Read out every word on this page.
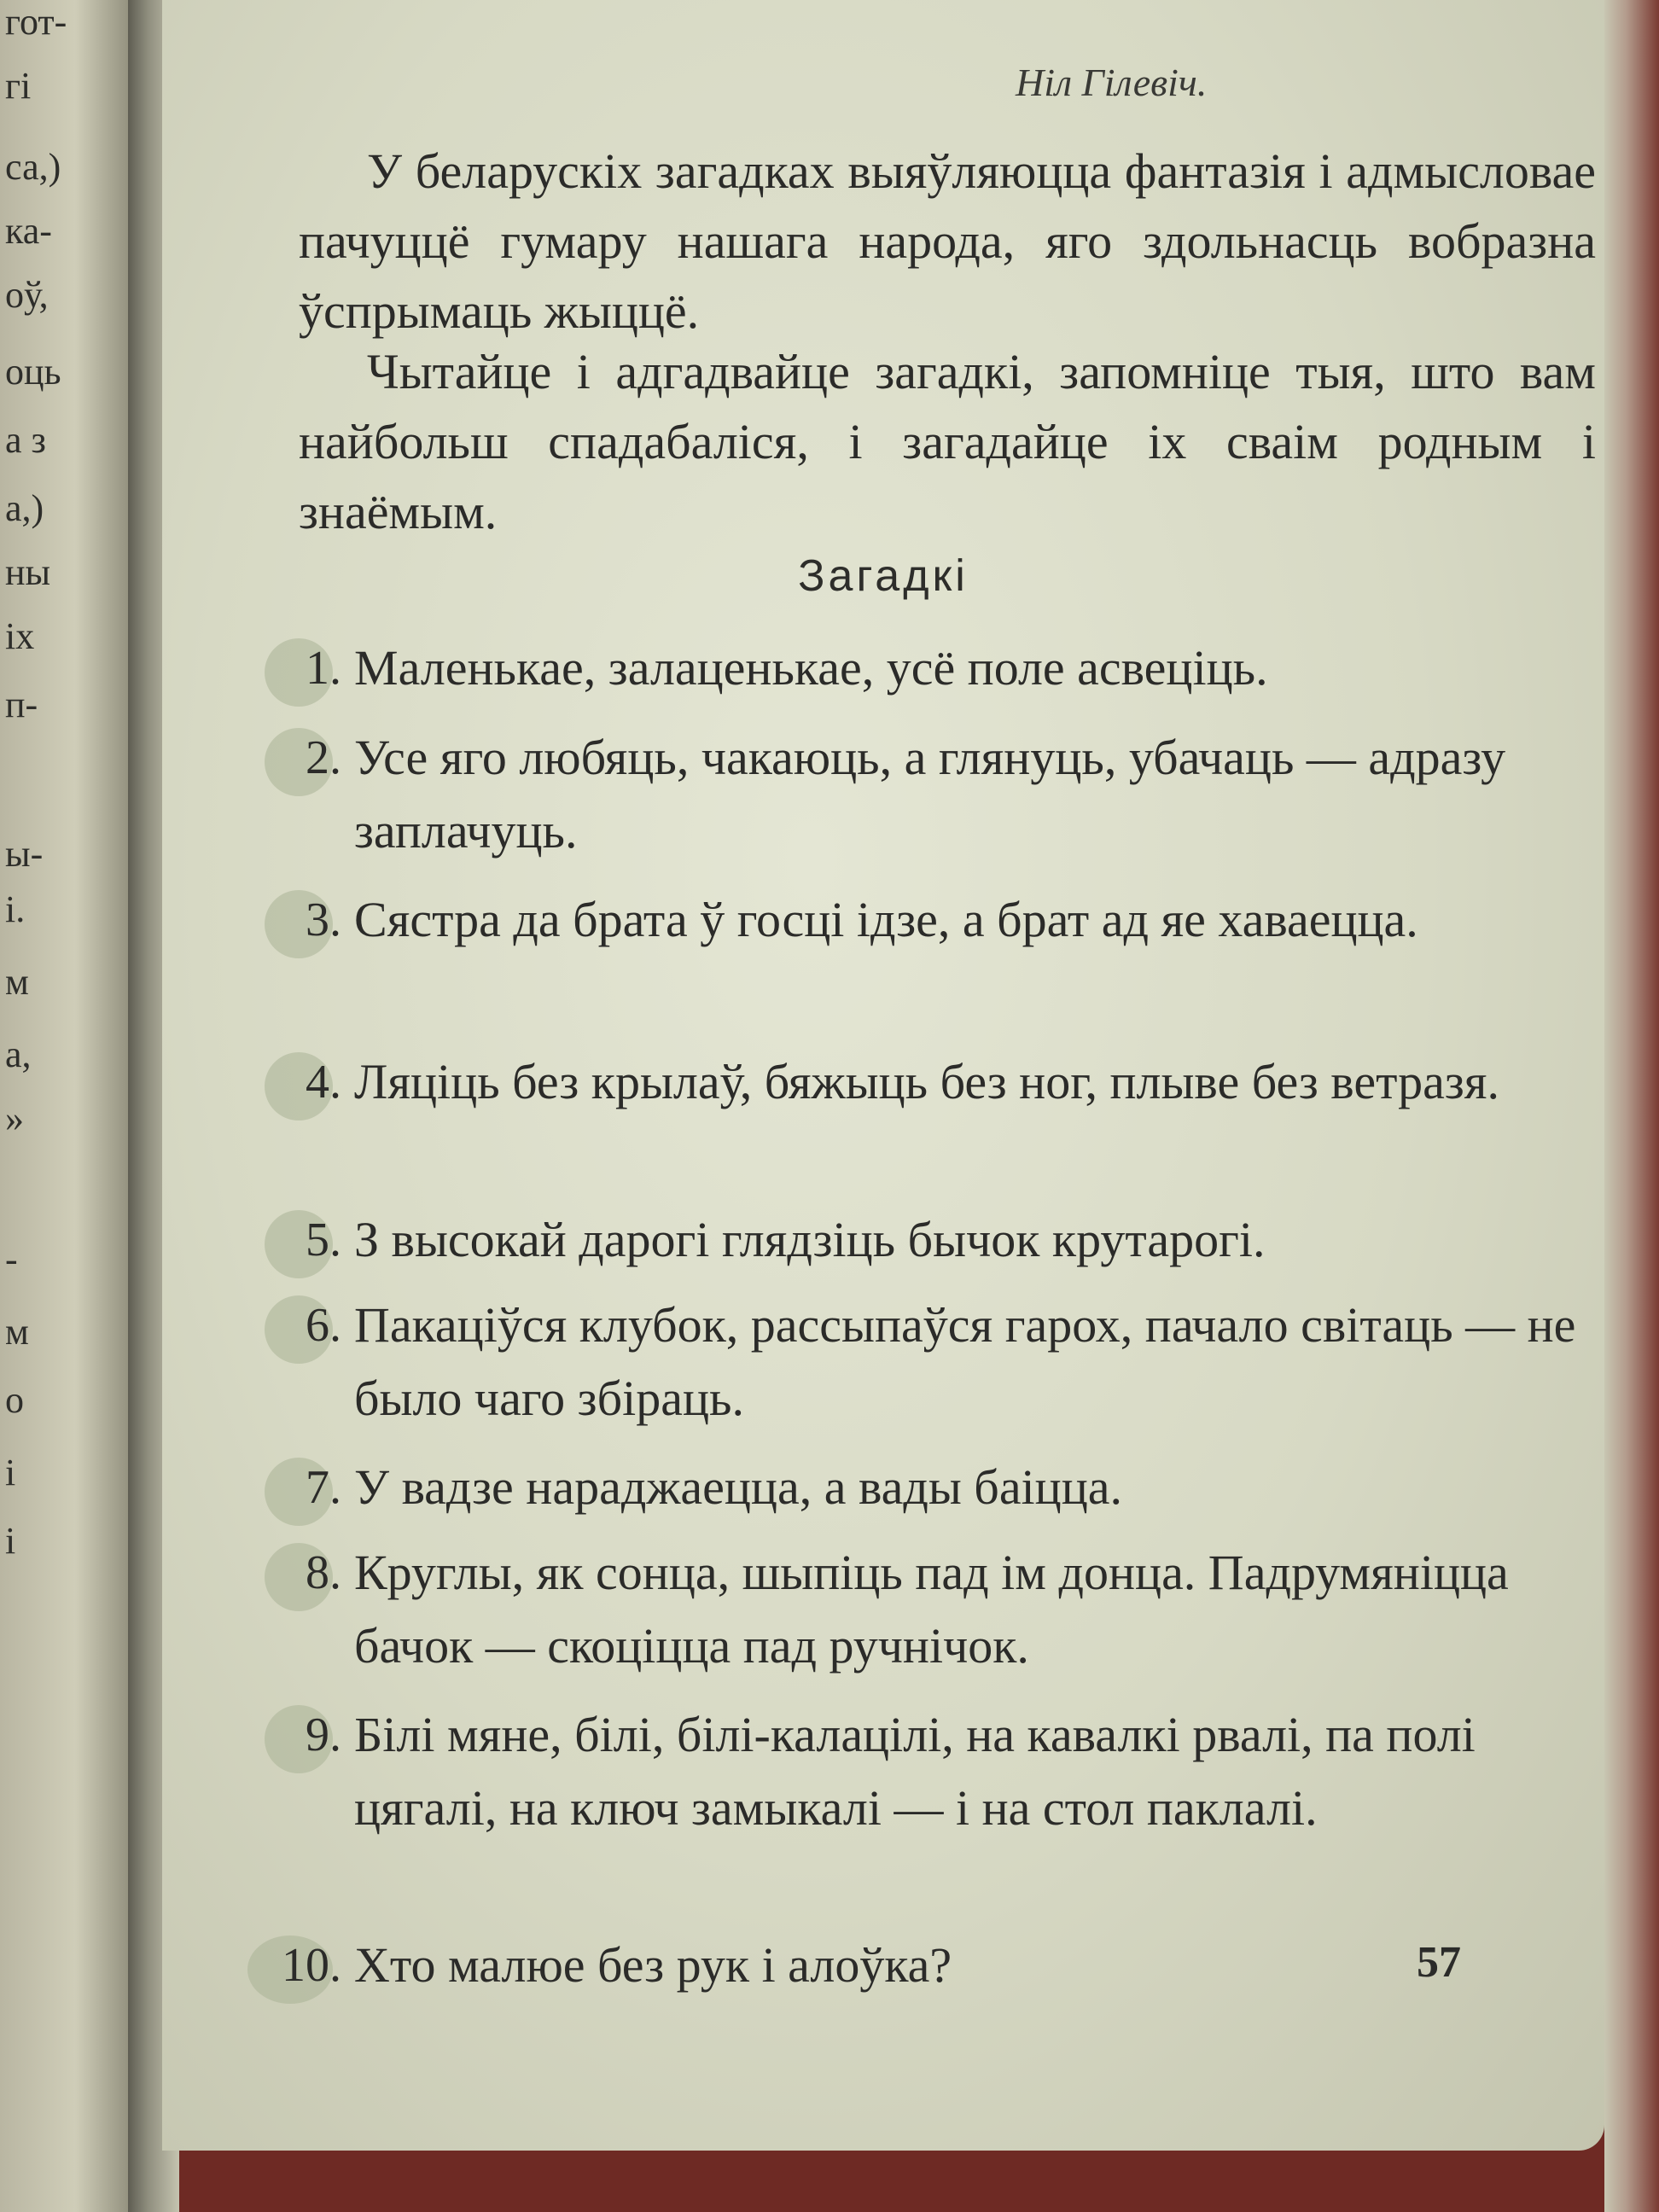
гот-
гі
са,)
ка-
оў,
оць
а з
а,)
ны
іх
п-
ы-
і.
м
а,
»
-
м
о
і
і
Ніл Гілевіч.

У беларускіх загадках выяўляюцца фантазія і адмысловае пачуццё гумару нашага народа, яго здольнасць вобразна ўспрымаць жыццё.

Чытайце і адгадвайце загадкі, запомніце тыя, што вам найбольш спадабаліся, і загадайце іх сваім родным і знаёмым.

Загадкі
1. Маленькае, залаценькае, усё поле асвеціць.

2. Усе яго любяць, чакаюць, а глянуць, убачаць — адразу заплачуць.

3. Сястра да брата ў госці ідзе, а брат ад яе хаваецца.

4. Ляціць без крылаў, бяжыць без ног, плыве без ветразя.

5. З высокай дарогі глядзіць бычок крутарогі.

6. Пакаціўся клубок, рассыпаўся гарох, пачало світаць — не было чаго збіраць.

7. У вадзе нараджаецца, а вады баіцца.

8. Круглы, як сонца, шыпіць пад ім донца. Падрумяніцца бачок — скоціцца пад ручнічок.

9. Білі мяне, білі, білі-калацілі, на кавалкі рвалі, па полі цягалі, на ключ замыкалі — і на стол паклалі.

10. Хто малюе без рук і алоўка?	57
